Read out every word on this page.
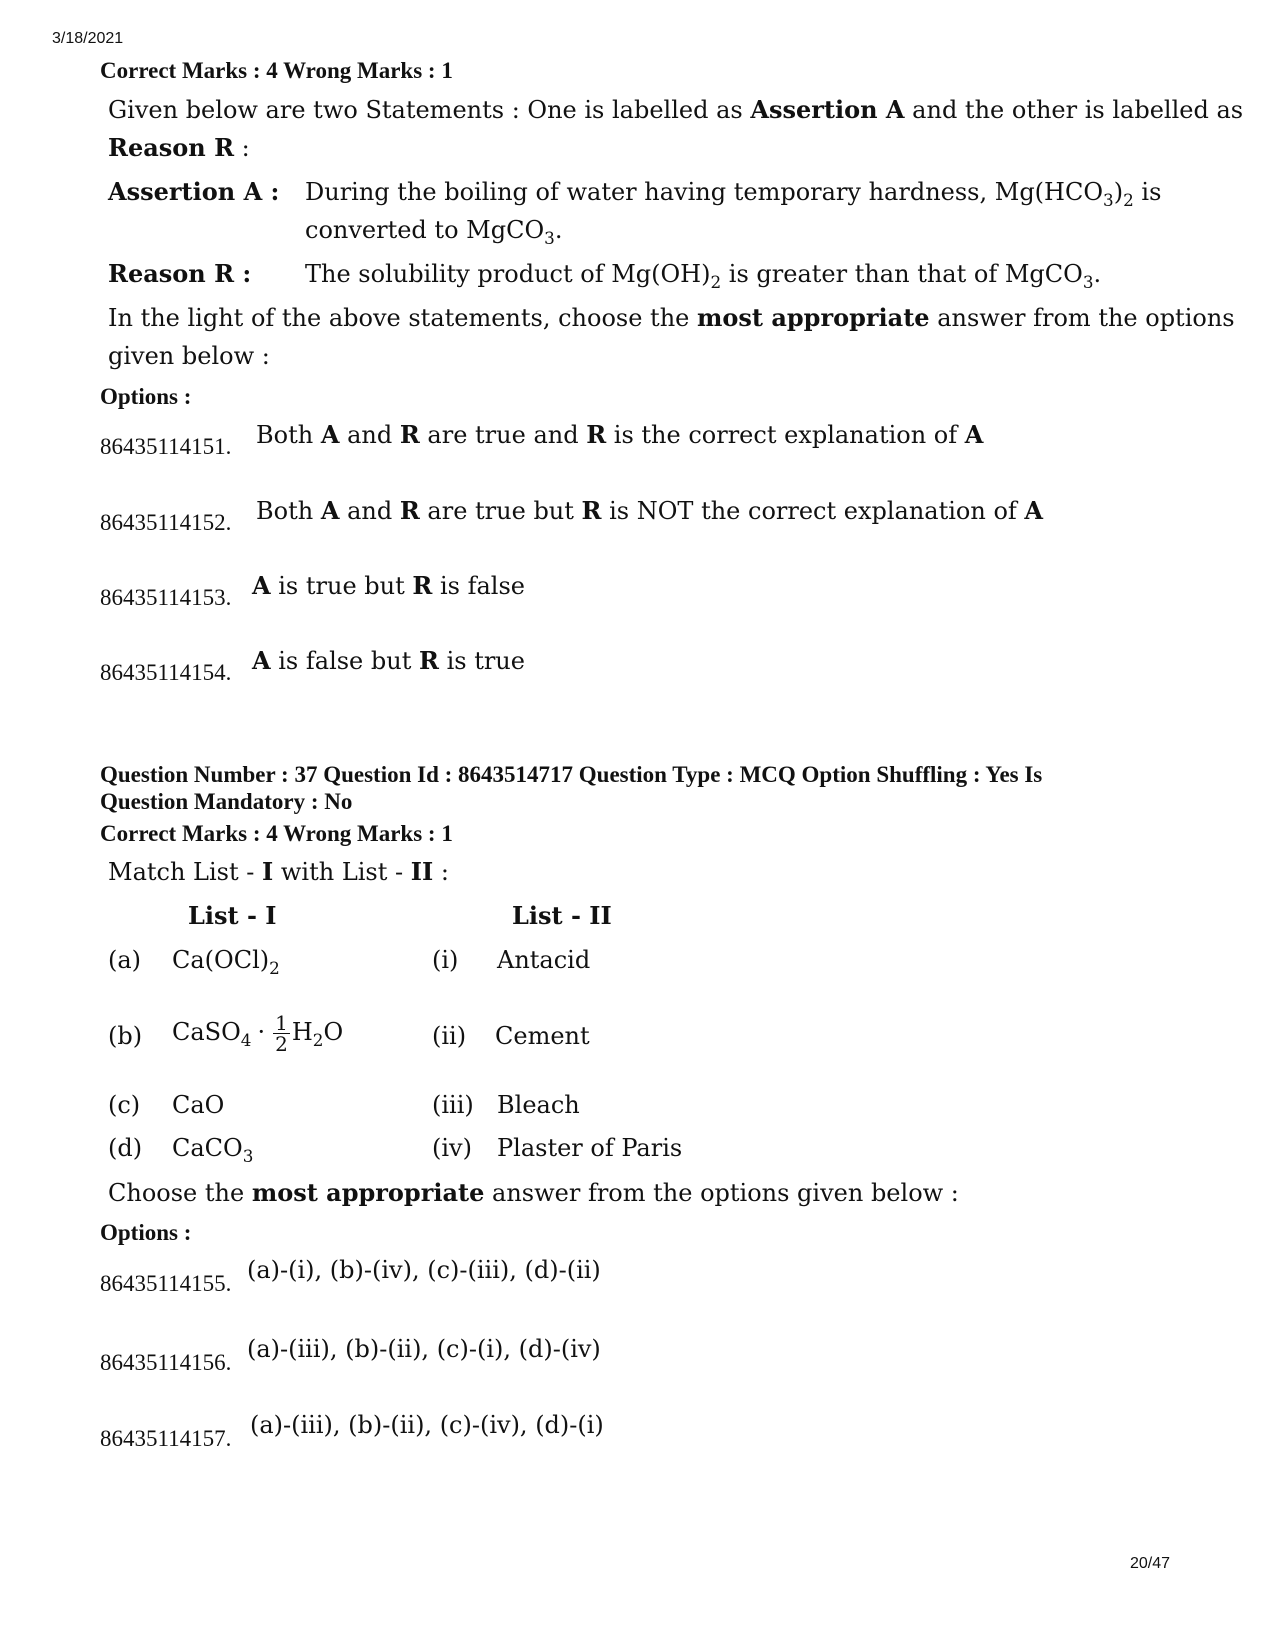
3/18/2021
20/47
Correct Marks : 4 Wrong Marks : 1
Given below are two Statements : One is labelled as Assertion A and the other is labelled as
Reason R :
Assertion A : During the boiling of water having temporary hardness, $Mg(HCO_3)_2$ is
converted to MgCO$_3$.
Reason R : The solubility product of $Mg(OH)_2$ is greater than that of MgCO$_3$.
In the light of the above statements, choose the most appropriate answer from the options
given below :
Options :
86435114151. Both A and R are true and R is the correct explanation of A
86435114152. Both A and R are true but R is NOT the correct explanation of A
86435114153. A is true but R is false
86435114154. A is false but R is true
Question Number : 37 Question Id : 8643514717 Question Type : MCQ Option Shuffling : Yes Is
Question Mandatory : No
Correct Marks : 4 Wrong Marks : 1
Match List - I with List - II :
List - I	List - II
(a) $Ca(OCl)_2$	(i) Antacid
(b) CaSO$_4$ · $\frac{1}{2} H_2O$	(ii) Cement
(c) CaO	(iii) Bleach
(d) CaCO$_3$	(iv) Plaster of Paris
Choose the most appropriate answer from the options given below :
Options :
86435114155. (a)-(i), (b)-(iv), (c)-(iii), (d)-(ii)
86435114156. (a)-(iii), (b)-(ii), (c)-(i), (d)-(iv)
86435114157. (a)-(iii), (b)-(ii), (c)-(iv), (d)-(i)
